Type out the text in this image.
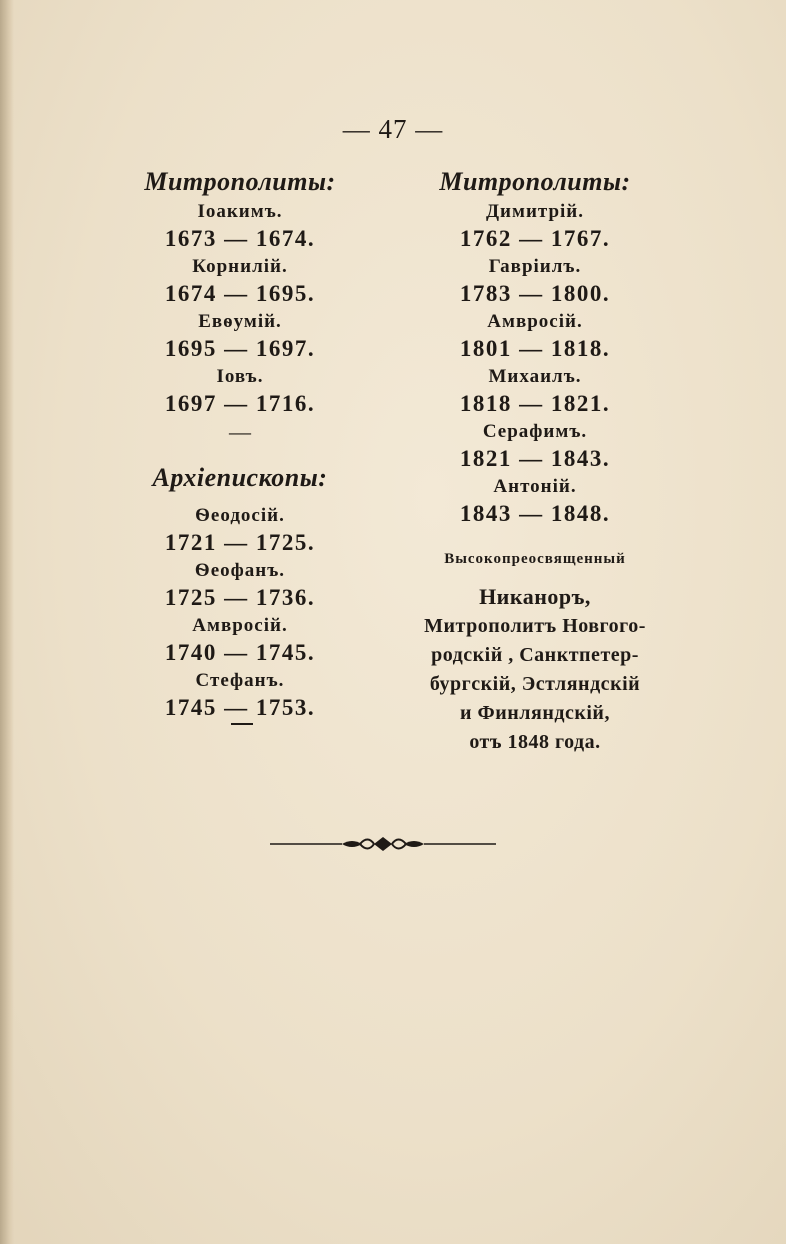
— 47 —
Митрополиты:
Іоакимъ.
1673 — 1674.
Корнилій.
1674 — 1695.
Евѳумій.
1695 — 1697.
Іовъ.
1697 — 1716.
—
Архіепископы:
Ѳеодосій.
1721 — 1725.
Ѳеофанъ.
1725 — 1736.
Амвросій.
1740 — 1745.
Стефанъ.
1745 — 1753.
Митрополиты:
Димитрій.
1762 — 1767.
Гавріилъ.
1783 — 1800.
Амвросій.
1801 — 1818.
Михаилъ.
1818 — 1821.
Серафимъ.
1821 — 1843.
Антоній.
1843 — 1848.
Высокопреосвященный
Никаноръ,
Митрополитъ Новгого-
родскій , Санктпетер-
бургскій, Эстляндскій
и Финляндскій,
отъ 1848 года.
